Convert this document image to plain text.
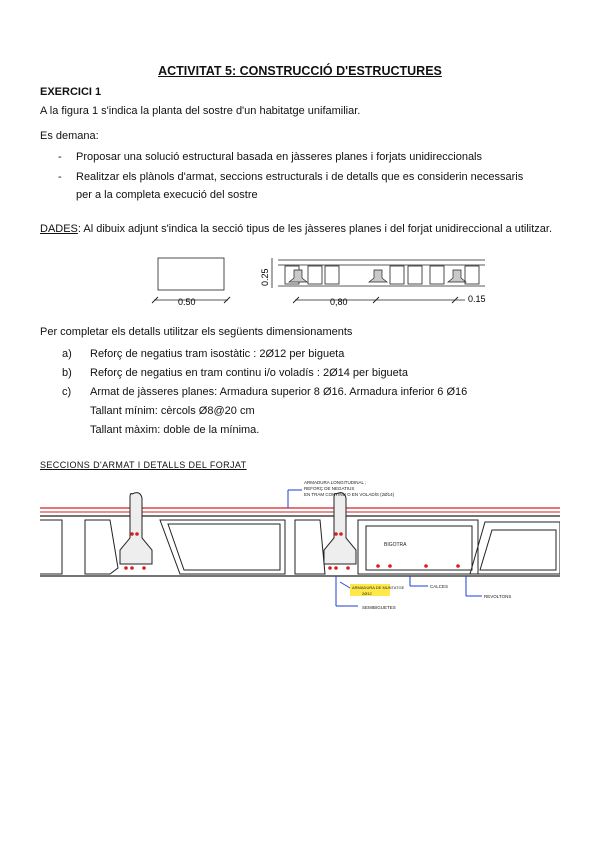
ACTIVITAT 5: CONSTRUCCIÓ D'ESTRUCTURES
EXERCICI 1
A la figura 1 s'indica la planta del sostre d'un habitatge unifamiliar.
Es demana:
- Proposar una solució estructural basada en jàsseres planes i forjats unidireccionals
- Realitzar els plànols d'armat, seccions estructurals i de detalls que es considerin necessaris
per a la completa execució del sostre
DADES: Al dibuix adjunt s'indica la secció tipus de les jàsseres planes i del forjat unidireccional a utilitzar.
0.50
0.25
0,80	0.15
Per completar els detalls utilitzar els següents dimensionaments
a) Reforç de negatius tram isostàtic : 2Ø12 per bigueta
b) Reforç de negatius en tram continu i/o voladís : 2Ø14 per bigueta
c) Armat de jàsseres planes: Armadura superior 8 Ø16. Armadura inferior 6 Ø16
Tallant mínim: cèrcols Ø8@20 cm
Tallant màxim: doble de la mínima.
SECCIONS D'ARMAT I DETALLS DEL FORJAT
ARMADURA LONGITUDINAL ;
REFORÇ DE NEGATIUS
EN TRAM CONTINU O EN VOLADÍS (2Ø14)
BIGOTRA
ARMADURA DE MUNTATGE
2Ø12
SEMIBIGUETES
CALCES
REVOLTONS
